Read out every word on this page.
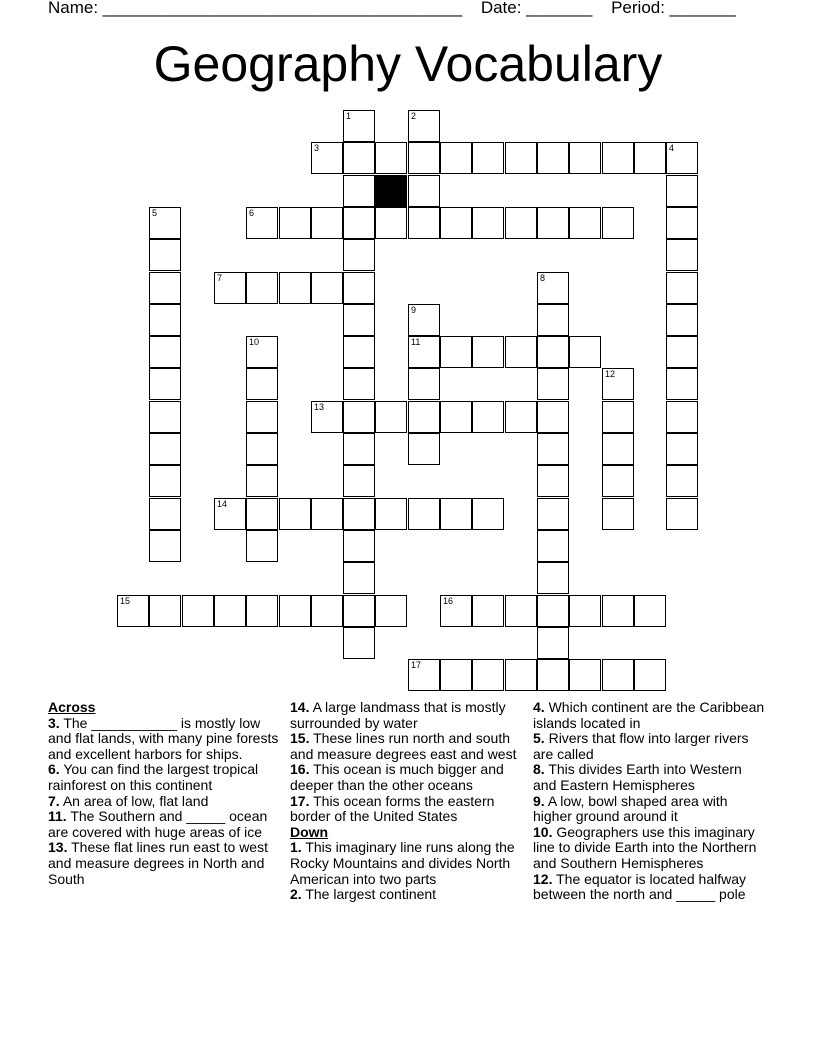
Name: ______________________________________ Date: _______ Period: _______
Geography Vocabulary
1	2
3	4
5	6
7	8
9
10	11
12
13
14
15	16
17
Across
3. The ___________ is mostly low and flat lands, with many pine forests and excellent harbors for ships.
6. You can find the largest tropical rainforest on this continent
7. An area of low, flat land
11. The Southern and _____ ocean are covered with huge areas of ice
13. These flat lines run east to west and measure degrees in North and South
14. A large landmass that is mostly surrounded by water
15. These lines run north and south and measure degrees east and west
16. This ocean is much bigger and deeper than the other oceans
17. This ocean forms the eastern border of the United States
Down
1. This imaginary line runs along the Rocky Mountains and divides North American into two parts
2. The largest continent
4. Which continent are the Caribbean islands located in
5. Rivers that flow into larger rivers are called
8. This divides Earth into Western and Eastern Hemispheres
9. A low, bowl shaped area with higher ground around it
10. Geographers use this imaginary line to divide Earth into the Northern and Southern Hemispheres
12. The equator is located halfway between the north and _____ pole
